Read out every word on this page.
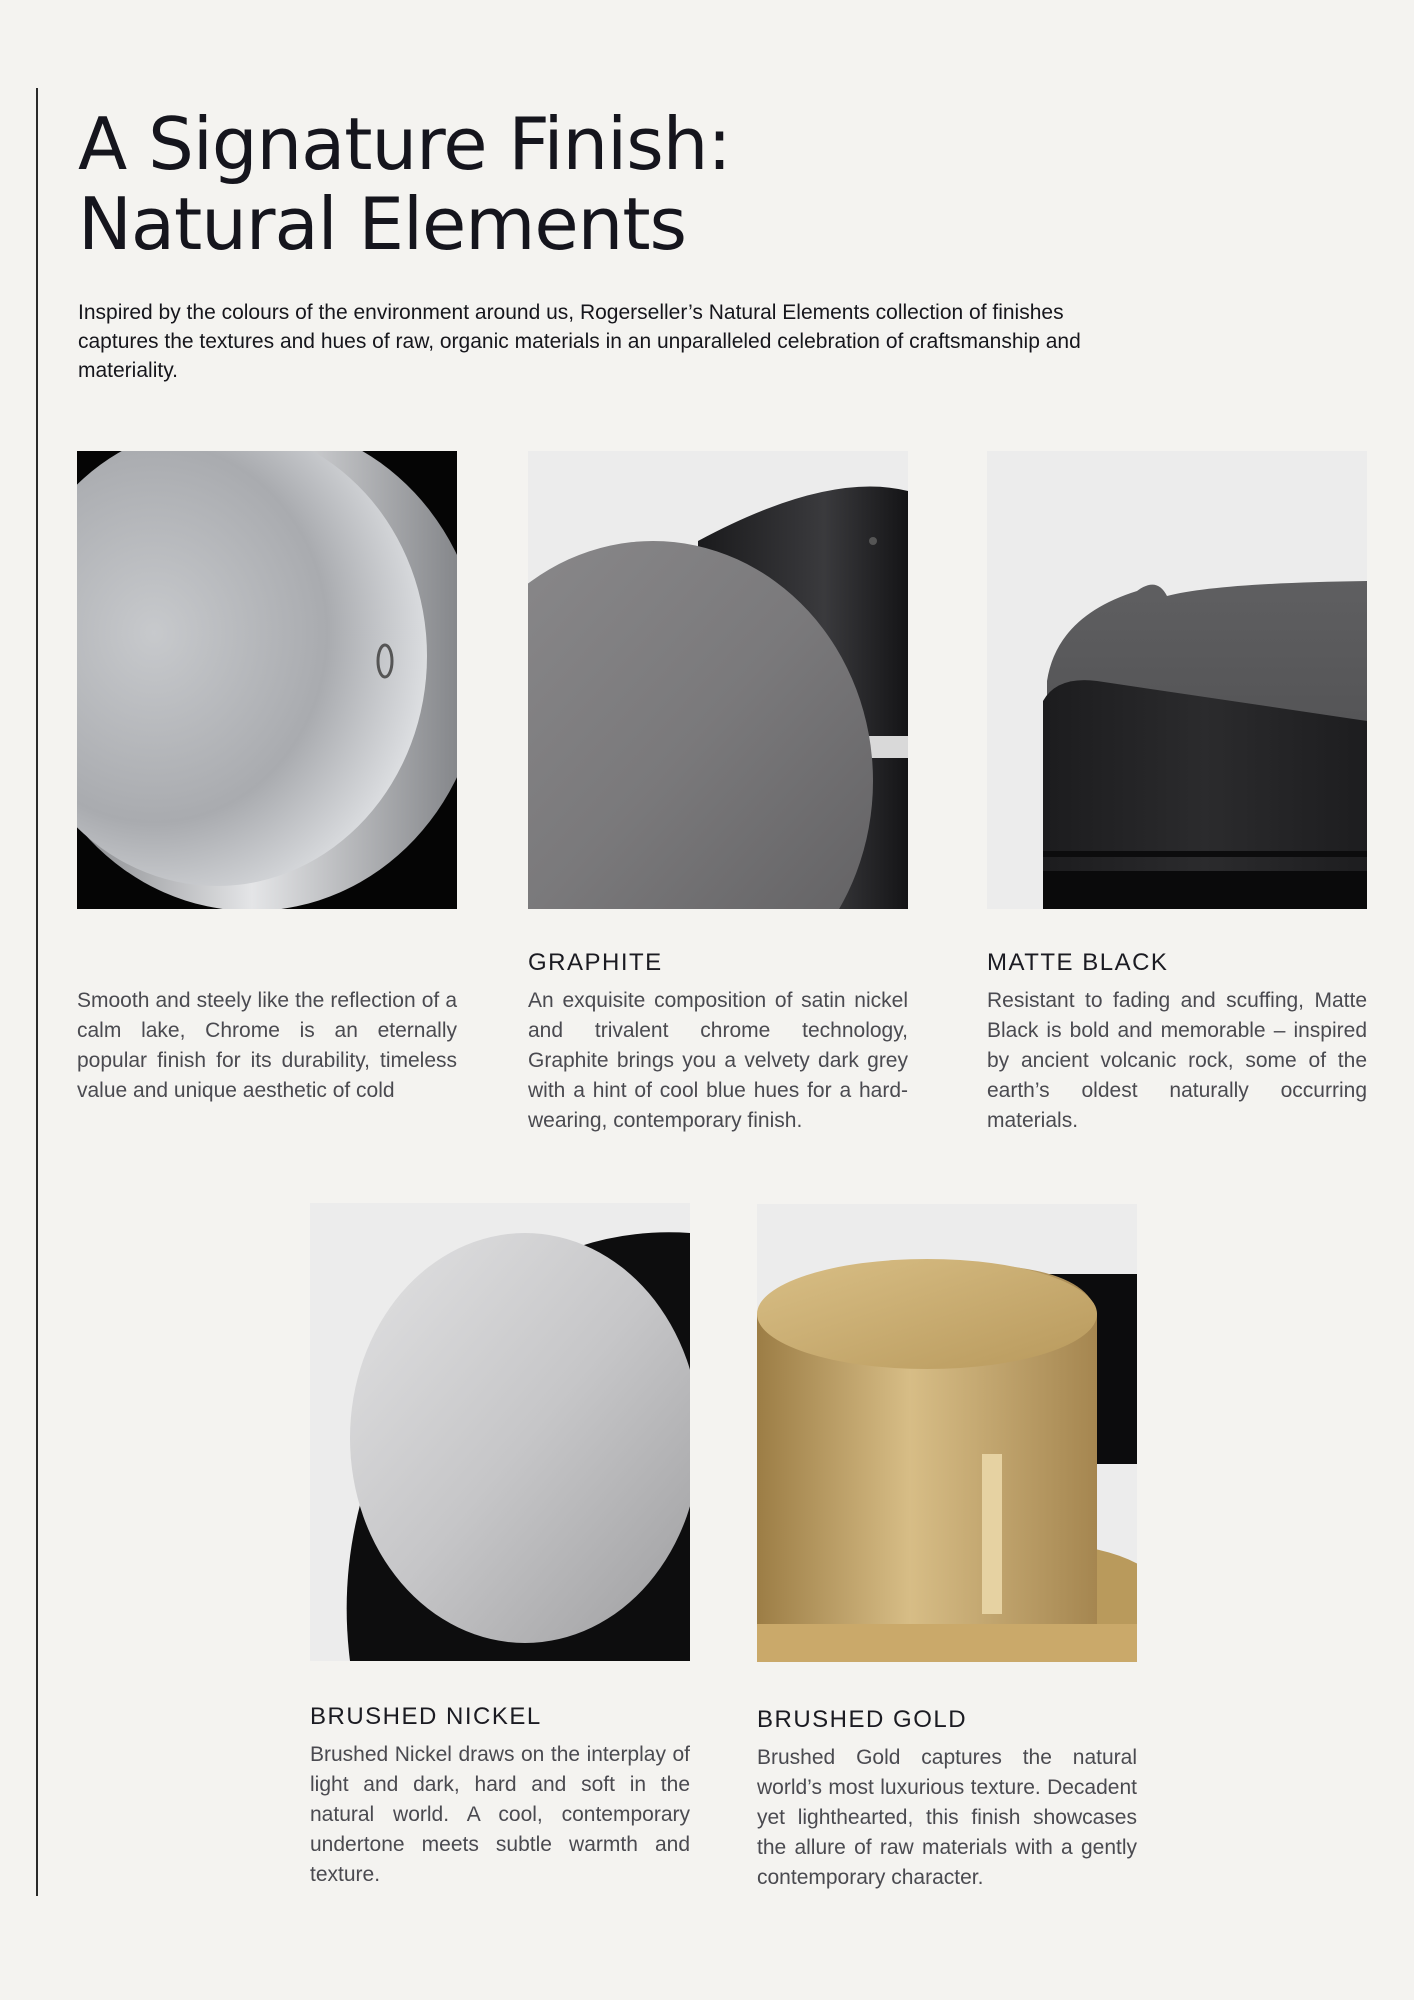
A Signature Finish:
Natural Elements

Inspired by the colours of the environment around us, Rogerseller’s Natural Elements collection of finishes captures the textures and hues of raw, organic materials in an unparalleled celebration of craftsmanship and materiality.

Smooth and steely like the reflection of a calm lake, Chrome is an eternally popular finish for its durability, timeless value and unique aesthetic of cold

GRAPHITE

An exquisite composition of satin nickel and trivalent chrome technology, Graphite brings you a velvety dark grey with a hint of cool blue hues for a hard-wearing, contemporary finish.

MATTE BLACK

Resistant to fading and scuffing, Matte Black is bold and memorable – inspired by ancient volcanic rock, some of the earth’s oldest naturally occurring materials.

BRUSHED NICKEL

Brushed Nickel draws on the interplay of light and dark, hard and soft in the natural world. A cool, contemporary undertone meets subtle warmth and texture.

BRUSHED GOLD

Brushed Gold captures the natural world’s most luxurious texture. Decadent yet lighthearted, this finish showcases the allure of raw materials with a gently contemporary character.
